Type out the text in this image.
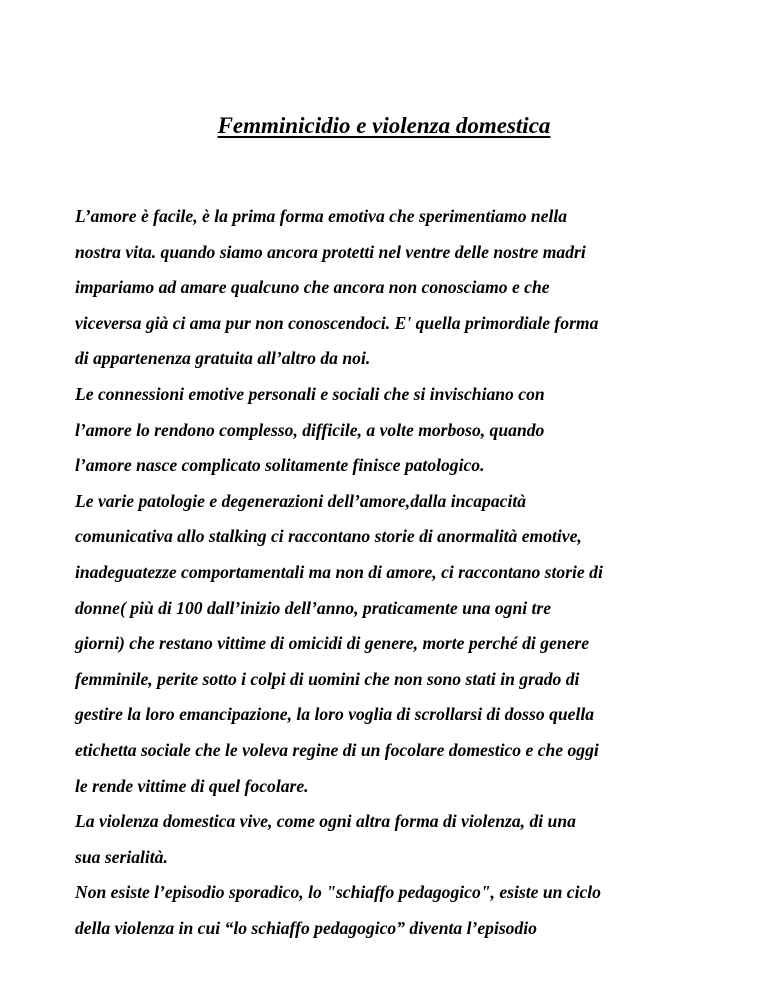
Femminicidio e violenza domestica
L’amore è facile, è la prima forma emotiva che sperimentiamo nella
nostra vita. quando siamo ancora protetti nel ventre delle nostre madri
impariamo ad amare qualcuno che ancora non conosciamo e che
viceversa già ci ama pur non conoscendoci. E' quella primordiale forma
di appartenenza gratuita all’altro da noi.
Le connessioni emotive personali e sociali che si invischiano con
l’amore lo rendono complesso, difficile, a volte morboso, quando
l’amore nasce complicato solitamente finisce patologico.
Le varie patologie e degenerazioni dell’amore,dalla incapacità
comunicativa allo stalking ci raccontano storie di anormalità emotive,
inadeguatezze comportamentali ma non di amore, ci raccontano storie di
donne( più di 100 dall’inizio dell’anno, praticamente una ogni tre
giorni) che restano vittime di omicidi di genere, morte perché di genere
femminile, perite sotto i colpi di uomini che non sono stati in grado di
gestire la loro emancipazione, la loro voglia di scrollarsi di dosso quella
etichetta sociale che le voleva regine di un focolare domestico e che oggi
le rende vittime di quel focolare.
La violenza domestica vive, come ogni altra forma di violenza, di una
sua serialità.
Non esiste l’episodio sporadico, lo "schiaffo pedagogico", esiste un ciclo
della violenza in cui “lo schiaffo pedagogico” diventa l’episodio
